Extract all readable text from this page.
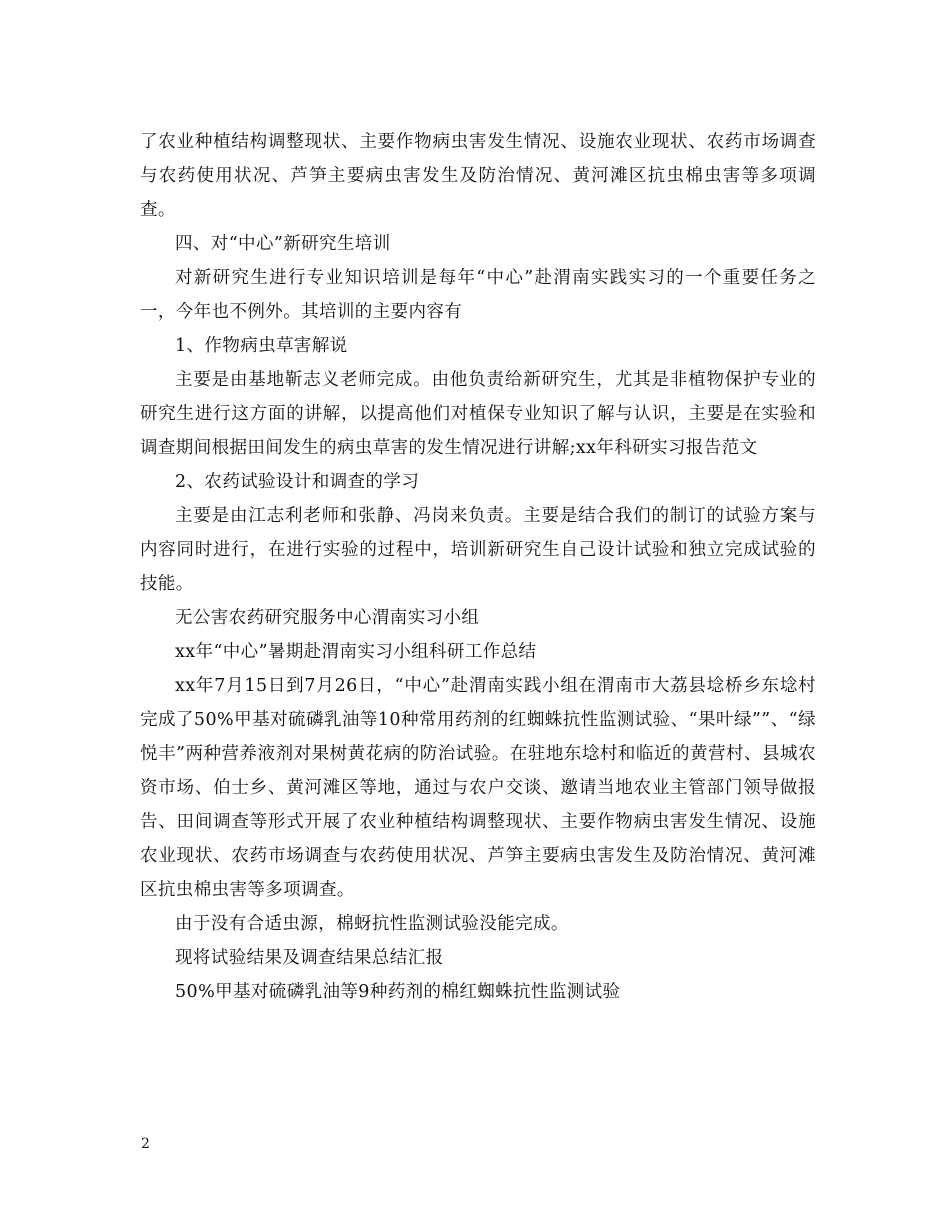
了农业种植结构调整现状、主要作物病虫害发生情况、设施农业现状、农药市场调查与农药使用状况、芦笋主要病虫害发生及防治情况、黄河滩区抗虫棉虫害等多项调查。

四、对“中心”新研究生培训

对新研究生进行专业知识培训是每年“中心”赴渭南实践实习的一个重要任务之一，今年也不例外。其培训的主要内容有

1、作物病虫草害解说

主要是由基地靳志义老师完成。由他负责给新研究生，尤其是非植物保护专业的研究生进行这方面的讲解，以提高他们对植保专业知识了解与认识，主要是在实验和调查期间根据田间发生的病虫草害的发生情况进行讲解;xx年科研实习报告范文

2、农药试验设计和调查的学习

主要是由江志利老师和张静、冯岗来负责。主要是结合我们的制订的试验方案与内容同时进行，在进行实验的过程中，培训新研究生自己设计试验和独立完成试验的技能。

无公害农药研究服务中心渭南实习小组

xx年“中心”暑期赴渭南实习小组科研工作总结

xx年7月15日到7月26日，“中心”赴渭南实践小组在渭南市大荔县埝桥乡东埝村完成了50%甲基对硫磷乳油等10种常用药剂的红蜘蛛抗性监测试验、“果叶绿””、“绿悦丰”两种营养液剂对果树黄花病的防治试验。在驻地东埝村和临近的黄营村、县城农资市场、伯士乡、黄河滩区等地，通过与农户交谈、邀请当地农业主管部门领导做报告、田间调查等形式开展了农业种植结构调整现状、主要作物病虫害发生情况、设施农业现状、农药市场调查与农药使用状况、芦笋主要病虫害发生及防治情况、黄河滩区抗虫棉虫害等多项调查。

由于没有合适虫源，棉蚜抗性监测试验没能完成。

现将试验结果及调查结果总结汇报

50%甲基对硫磷乳油等9种药剂的棉红蜘蛛抗性监测试验

2
